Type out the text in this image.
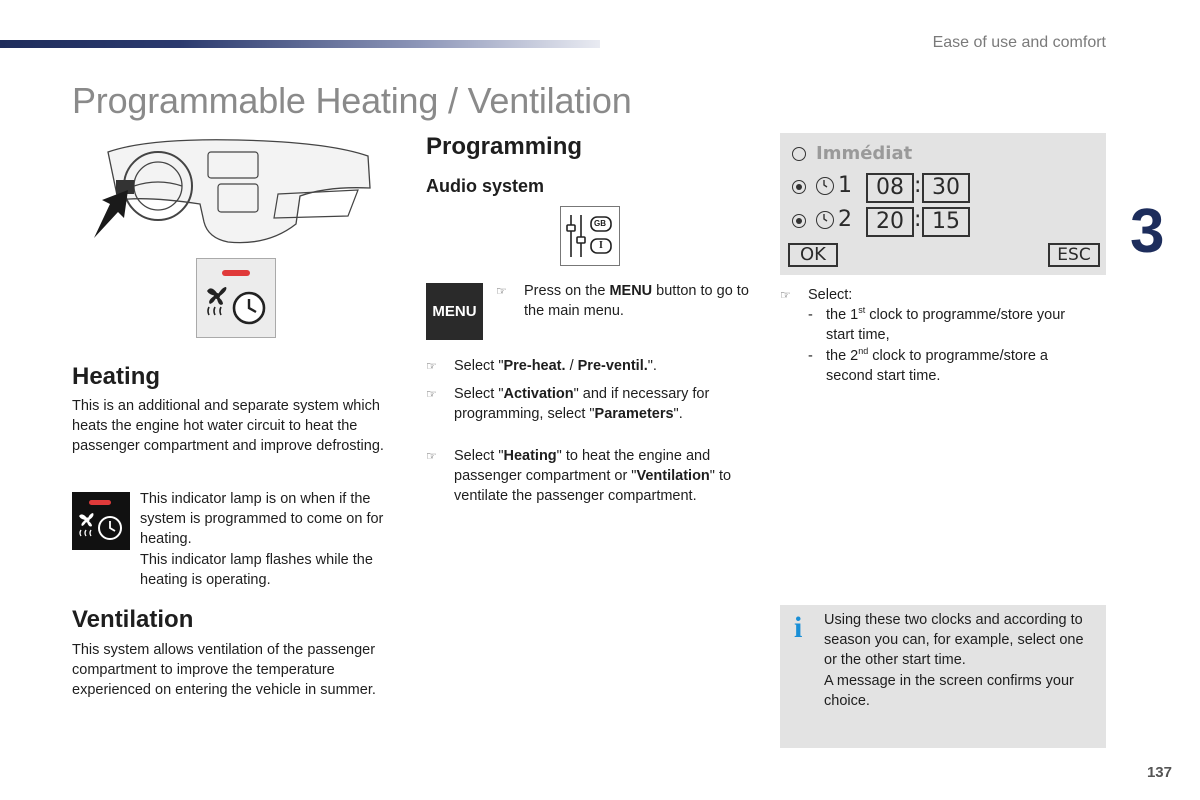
Ease of use and comfort
Programmable Heating / Ventilation
3
Heating
This is an additional and separate system which heats the engine hot water circuit to heat the passenger compartment and improve defrosting.
This indicator lamp is on when if the system is programmed to come on for heating.
This indicator lamp flashes while the heating is operating.
Ventilation
This system allows ventilation of the passenger compartment to improve the temperature experienced on entering the vehicle in summer.
Programming
Audio system
GB
I
MENU
☞ Press on the MENU button to go to the main menu.
☞ Select "Pre-heat. / Pre-ventil.".
☞ Select "Activation" and if necessary for programming, select "Parameters".
☞ Select "Heating" to heat the engine and passenger compartment or "Ventilation" to ventilate the passenger compartment.
Immédiat
1	08 : 30
2	20 : 15
OK	ESC
☞ Select:
- the 1st clock to programme/store your start time,
- the 2nd clock to programme/store a second start time.
i Using these two clocks and according to season you can, for example, select one or the other start time.
A message in the screen confirms your choice.
137
